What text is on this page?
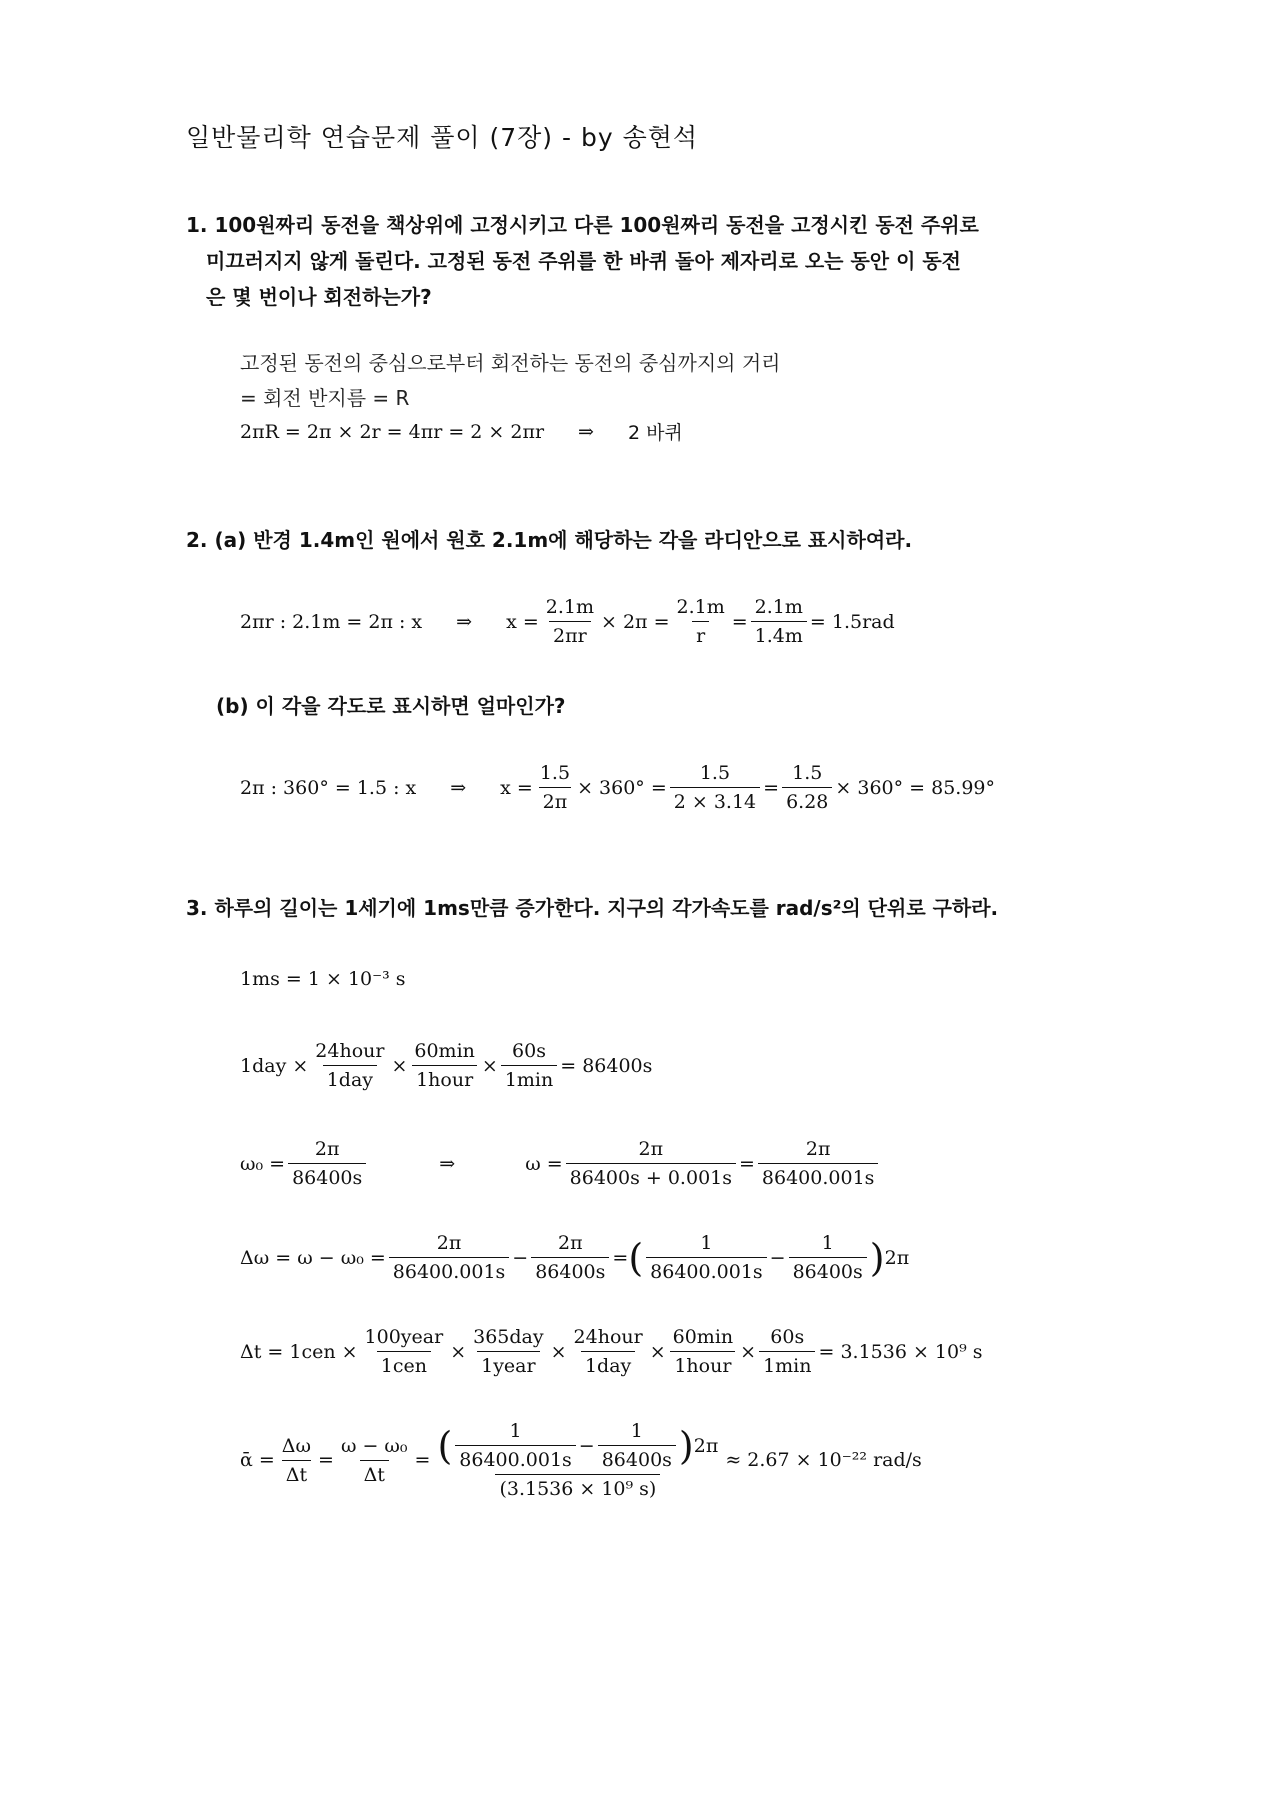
일반물리학 연습문제 풀이 (7장) - by 송현석
1. 100원짜리 동전을 책상위에 고정시키고 다른 100원짜리 동전을 고정시킨 동전 주위로
미끄러지지 않게 돌린다. 고정된 동전 주위를 한 바퀴 돌아 제자리로 오는 동안 이 동전
은 몇 번이나 회전하는가?
고정된 동전의 중심으로부터 회전하는 동전의 중심까지의 거리
= 회전 반지름 = R
2πR = 2π × 2r = 4πr = 2 × 2πr ⇒ 2 바퀴
2. (a) 반경 1.4m인 원에서 원호 2.1m에 해당하는 각을 라디안으로 표시하여라.
2πr : 2.1m = 2π : x ⇒ $x = \frac{2.1m}{2\pi r} \times 2\pi = \frac{2.1m}{r} = \frac{2.1m}{1.4m} = 1.5rad$
(b) 이 각을 각도로 표시하면 얼마인가?
2π : 360° = 1.5 : x ⇒ $x = \frac{1.5}{2\pi} \times 360^\circ = \frac{1.5}{2 \times 3.14} = \frac{1.5}{6.28} \times 360^\circ = 85.99^\circ$
3. 하루의 길이는 1세기에 1ms만큼 증가한다. 지구의 각가속도를 rad/s²의 단위로 구하라.
1ms = 1 × 10⁻³ s
$1day \times \frac{\text{24hour}}{\text{1day}} \times \frac{60\min}{\text{1hour}} \times \frac{60s}{1\min} = 86400s$
$\omega_0 = \frac{2\pi}{86400s}$	⇒	$\omega = \frac{2\pi}{86400s + 0.001s} = \frac{2\pi}{86400.001s}$
$\Delta\omega = \omega - \omega_0 = \frac{2\pi}{86400.001s} - \frac{2\pi}{86400s}$ = ( $\frac{1}{86400.001s} - \frac{1}{86400s}$ ) 2π
$\Delta t = 1cen \times \frac{\text{100year}}{\text{1cen}} \times \frac{\text{365day}}{\text{1year}} \times \frac{\text{24hour}}{\text{1day}} \times \frac{60\min}{\text{1hour}} \times \frac{60s}{1\min} = 3.1536 \times 10^9$ s
ᾱ = $\frac{\Delta\omega}{\Delta t} = \frac{\text{ω − ω₀}}{\Delta t}$ = ( $\frac{1}{86400.001s} - \frac{1}{86400s}$ ) 2π
(3.1536 × 10⁹ s)
≈ 2.67 × 10⁻²² rad/s
